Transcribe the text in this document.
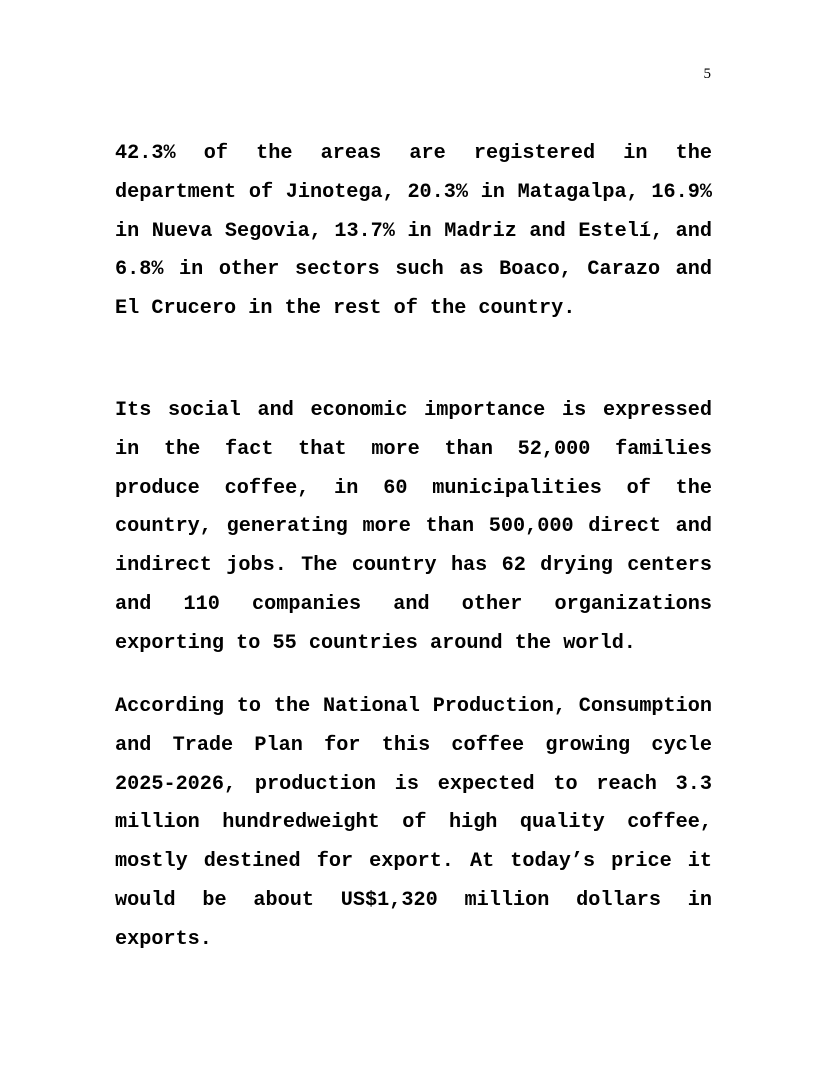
5

42.3% of the areas are registered in the department of Jinotega, 20.3% in Matagalpa, 16.9% in Nueva Segovia, 13.7% in Madriz and Estelí, and 6.8% in other sectors such as Boaco, Carazo and El Crucero in the rest of the country.

Its social and economic importance is expressed in the fact that more than 52,000 families produce coffee, in 60 municipalities of the country, generating more than 500,000 direct and indirect jobs. The country has 62 drying centers and 110 companies and other organizations exporting to 55 countries around the world.

According to the National Production, Consumption and Trade Plan for this coffee growing cycle 2025-2026, production is expected to reach 3.3 million hundredweight of high quality coffee, mostly destined for export. At today’s price it would be about US$1,320 million dollars in exports.
